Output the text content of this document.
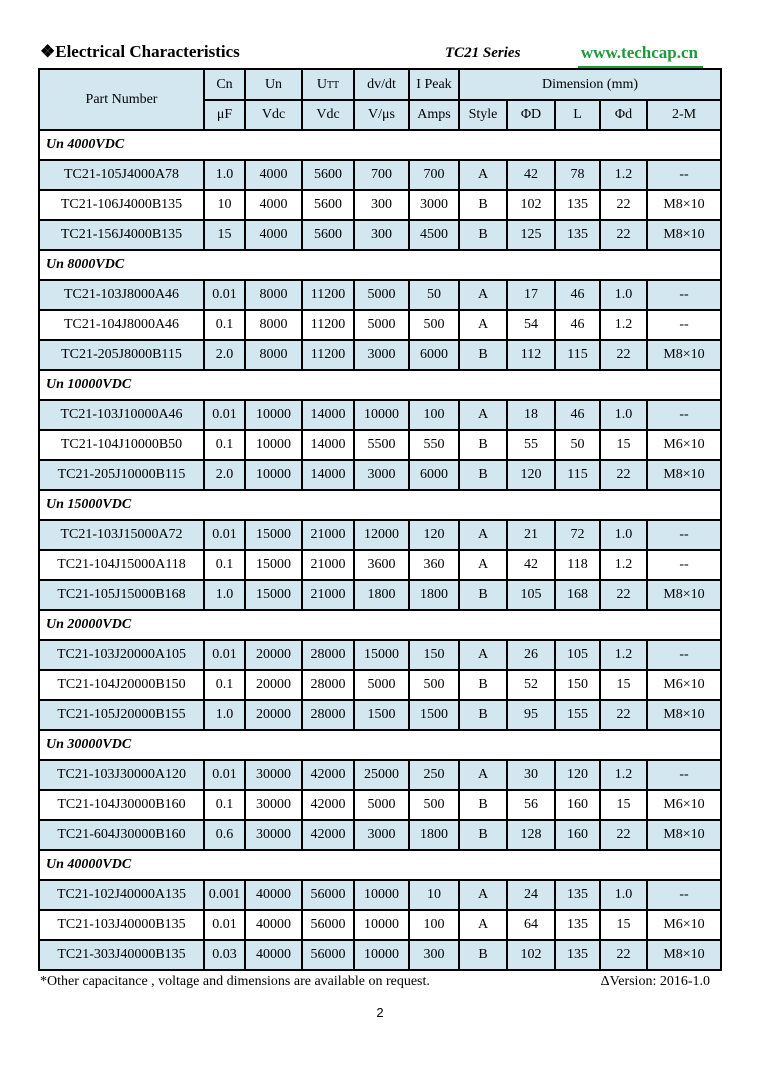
❖Electrical Characteristics	TC21 Series	www.techcap.cn
Part Number	Cn	Un	UTT	dv/dt	I Peak	Dimension (mm)				
	μF	Vdc	Vdc	V/μs	Amps	Style	ΦD	L	Φd	2-M
Un 4000VDC										
TC21-105J4000A78	1.0	4000	5600	700	700	A	42	78	1.2	--
TC21-106J4000B135	10	4000	5600	300	3000	B	102	135	22	M8×10
TC21-156J4000B135	15	4000	5600	300	4500	B	125	135	22	M8×10
Un 8000VDC										
TC21-103J8000A46	0.01	8000	11200	5000	50	A	17	46	1.0	--
TC21-104J8000A46	0.1	8000	11200	5000	500	A	54	46	1.2	--
TC21-205J8000B115	2.0	8000	11200	3000	6000	B	112	115	22	M8×10
Un 10000VDC										
TC21-103J10000A46	0.01	10000	14000	10000	100	A	18	46	1.0	--
TC21-104J10000B50	0.1	10000	14000	5500	550	B	55	50	15	M6×10
TC21-205J10000B115	2.0	10000	14000	3000	6000	B	120	115	22	M8×10
Un 15000VDC										
TC21-103J15000A72	0.01	15000	21000	12000	120	A	21	72	1.0	--
TC21-104J15000A118	0.1	15000	21000	3600	360	A	42	118	1.2	--
TC21-105J15000B168	1.0	15000	21000	1800	1800	B	105	168	22	M8×10
Un 20000VDC										
TC21-103J20000A105	0.01	20000	28000	15000	150	A	26	105	1.2	--
TC21-104J20000B150	0.1	20000	28000	5000	500	B	52	150	15	M6×10
TC21-105J20000B155	1.0	20000	28000	1500	1500	B	95	155	22	M8×10
Un 30000VDC										
TC21-103J30000A120	0.01	30000	42000	25000	250	A	30	120	1.2	--
TC21-104J30000B160	0.1	30000	42000	5000	500	B	56	160	15	M6×10
TC21-604J30000B160	0.6	30000	42000	3000	1800	B	128	160	22	M8×10
Un 40000VDC										
TC21-102J40000A135	0.001	40000	56000	10000	10	A	24	135	1.0	--
TC21-103J40000B135	0.01	40000	56000	10000	100	A	64	135	15	M6×10
TC21-303J40000B135	0.03	40000	56000	10000	300	B	102	135	22	M8×10
*Other capacitance , voltage and dimensions are available on request.	ΔVersion: 2016-1.0
2
